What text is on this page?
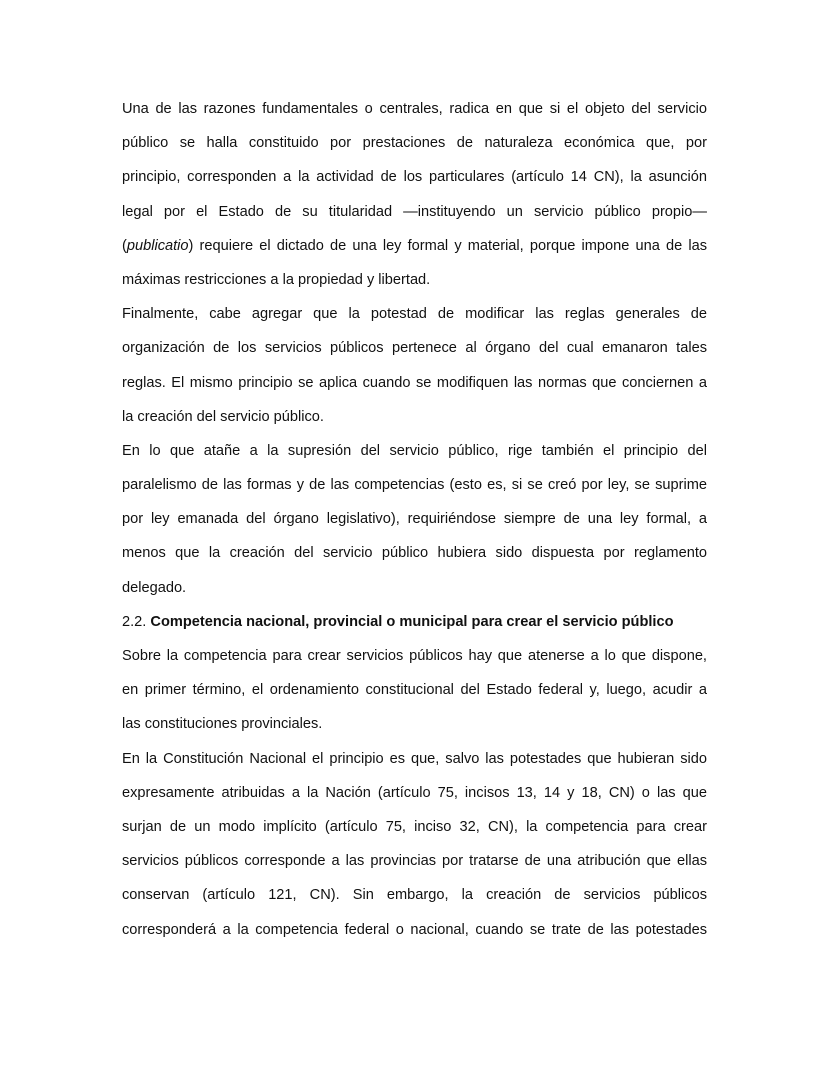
Una de las razones fundamentales o centrales, radica en que si el objeto del servicio
público se halla constituido por prestaciones de naturaleza económica que, por
principio, corresponden a la actividad de los particulares (artículo 14 CN), la asunción
legal por el Estado de su titularidad —instituyendo un servicio público propio—
(publicatio) requiere el dictado de una ley formal y material, porque impone una de las
máximas restricciones a la propiedad y libertad.
Finalmente, cabe agregar que la potestad de modificar las reglas generales de
organización de los servicios públicos pertenece al órgano del cual emanaron tales
reglas. El mismo principio se aplica cuando se modifiquen las normas que conciernen a
la creación del servicio público.
En lo que atañe a la supresión del servicio público, rige también el principio del
paralelismo de las formas y de las competencias (esto es, si se creó por ley, se suprime
por ley emanada del órgano legislativo), requiriéndose siempre de una ley formal, a
menos que la creación del servicio público hubiera sido dispuesta por reglamento
delegado.
2.2. Competencia nacional, provincial o municipal para crear el servicio público
Sobre la competencia para crear servicios públicos hay que atenerse a lo que dispone,
en primer término, el ordenamiento constitucional del Estado federal y, luego, acudir a
las constituciones provinciales.
En la Constitución Nacional el principio es que, salvo las potestades que hubieran sido
expresamente atribuidas a la Nación (artículo 75, incisos 13, 14 y 18, CN) o las que
surjan de un modo implícito (artículo 75, inciso 32, CN), la competencia para crear
servicios públicos corresponde a las provincias por tratarse de una atribución que ellas
conservan (artículo 121, CN). Sin embargo, la creación de servicios públicos
corresponderá a la competencia federal o nacional, cuando se trate de las potestades
